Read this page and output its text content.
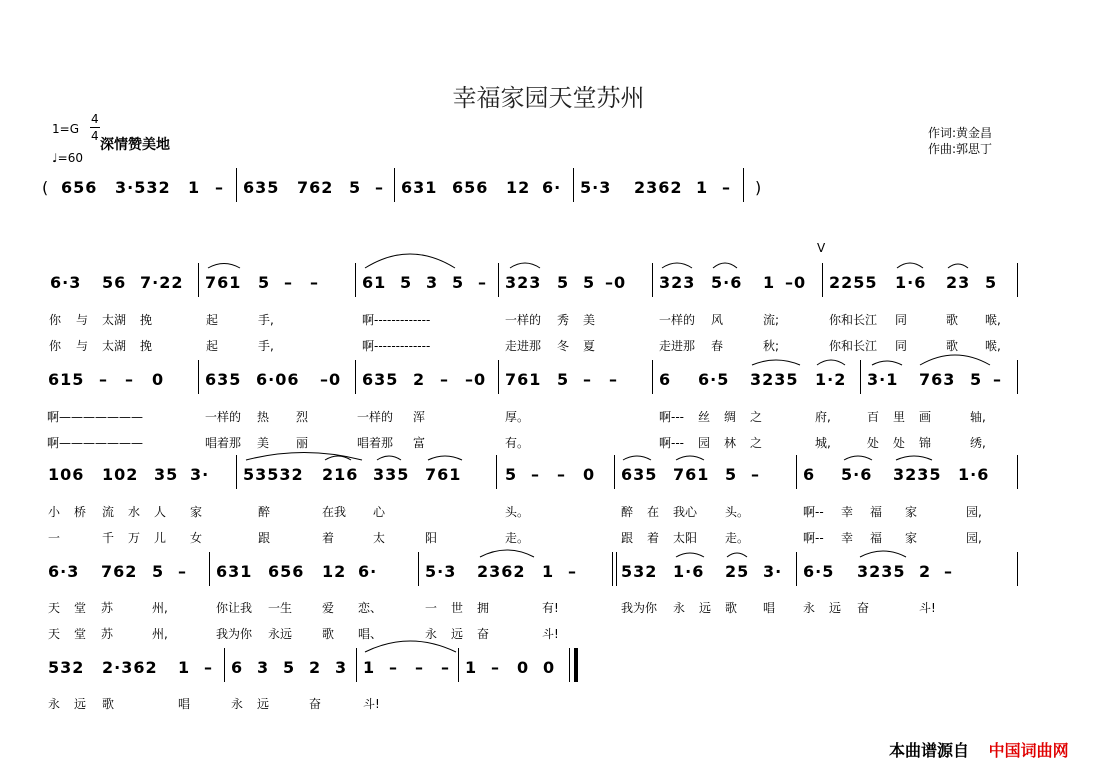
幸福家园天堂苏州
1=G
4
4
深情赞美地
♩=60
作词:黄金昌
作曲:郭思丁
V
( 656 3·532 1 – 635 762 5 – 631 656 12 6· 5·3 2362 1 – )
6·3 56 7·22 761 5 – –	61 5 3 5 – 323 5 5 –0 323 5·6 1 –0 2255 1·6 23 5
你 与 太湖 挽	起	手,	啊-------------	一样的 秀 美	一样的 风	流;	你和长江 同	歌 喉,
你 与 太湖 挽	起	手,	啊-------------	走进那 冬 夏	走进那 春	秋;	你和长江 同	歌 喉,
615 – – 0	635 6·06 –0 635 2 – –0 761 5 – –	6 6·5 3235 1·2 3·1 763 5 –
啊———————	一样的 热 烈	一样的 浑	厚。	啊--- 丝 绸 之	府,	百 里 画	轴,
啊———————	唱着那 美 丽	唱着那 富	有。	啊--- 园 林 之	城,	处 处 锦	绣,
106 102 35 3· 53532 216 335 761	5 – – 0 635 761 5 –	6 5·6 3235 1·6
小 桥 流 水 人 家	醉	在我 心	头。	醉 在 我心 头。	啊-- 幸 福 家	园,
一	千 万 儿 女	跟	着	太	阳	走。	跟 着 太阳 走。	啊-- 幸 福 家	园,
6·3 762 5 – 631 656 12 6·	5·3 2362 1 –	532 1·6 25 3· 6·5 3235 2 –
天 堂 苏	州,	你让我 一生 爱 恋、	一 世 拥	有!	我为你 永 远 歌 唱 永 远 奋	斗!
天 堂 苏	州,	我为你 永远 歌 唱、	永 远 奋	斗!
532 2·362 1 – 6 3 5 2 3 1 – – – 1 – 0 0
永 远 歌	唱	永 远	奋	斗!
本曲谱源自 中国词曲网
